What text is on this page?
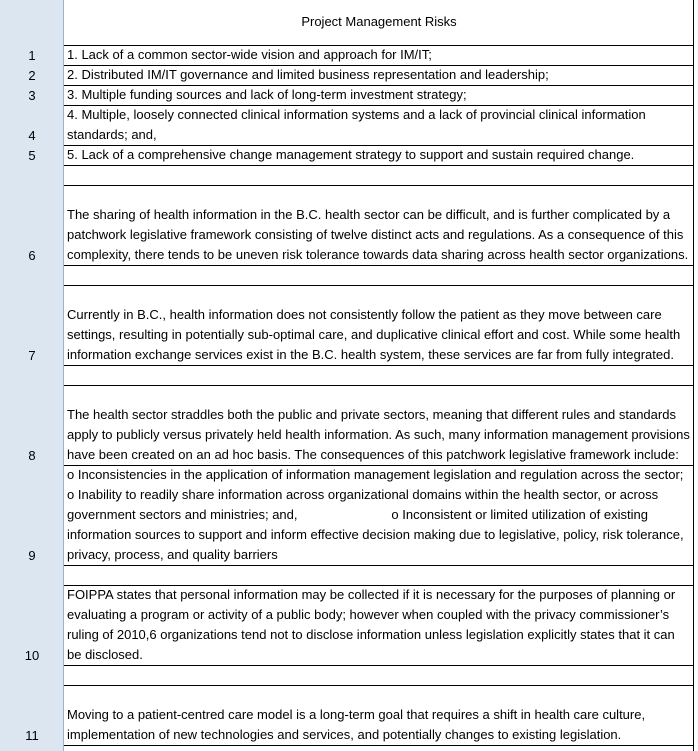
1
2
3
4
5
6
7
8
9
10
11
Project Management Risks
1. Lack of a common sector-wide vision and approach for IM/IT;
2. Distributed IM/IT governance and limited business representation and leadership;
3. Multiple funding sources and lack of long-term investment strategy;
4. Multiple, loosely connected clinical information systems and a lack of provincial clinical information standards; and,
5. Lack of a comprehensive change management strategy to support and sustain required change.
The sharing of health information in the B.C. health sector can be difficult, and is further complicated by a patchwork legislative framework consisting of twelve distinct acts and regulations. As a consequence of this complexity, there tends to be uneven risk tolerance towards data sharing across health sector organizations.
Currently in B.C., health information does not consistently follow the patient as they move between care settings, resulting in potentially sub-optimal care, and duplicative clinical effort and cost. While some health information exchange services exist in the B.C. health system, these services are far from fully integrated.
The health sector straddles both the public and private sectors, meaning that different rules and standards apply to publicly versus privately held health information. As such, many information management provisions have been created on an ad hoc basis. The consequences of this patchwork legislative framework include:
o Inconsistencies in the application of information management legislation and regulation across the sector; o Inability to readily share information across organizational domains within the health sector, or across government sectors and ministries; and,                          o Inconsistent or limited utilization of existing information sources to support and inform effective decision making due to legislative, policy, risk tolerance, privacy, process, and quality barriers
FOIPPA states that personal information may be collected if it is necessary for the purposes of planning or evaluating a program or activity of a public body; however when coupled with the privacy commissioner’s ruling of 2010,6 organizations tend not to disclose information unless legislation explicitly states that it can be disclosed.
Moving to a patient-centred care model is a long-term goal that requires a shift in health care culture, implementation of new technologies and services, and potentially changes to existing legislation.
